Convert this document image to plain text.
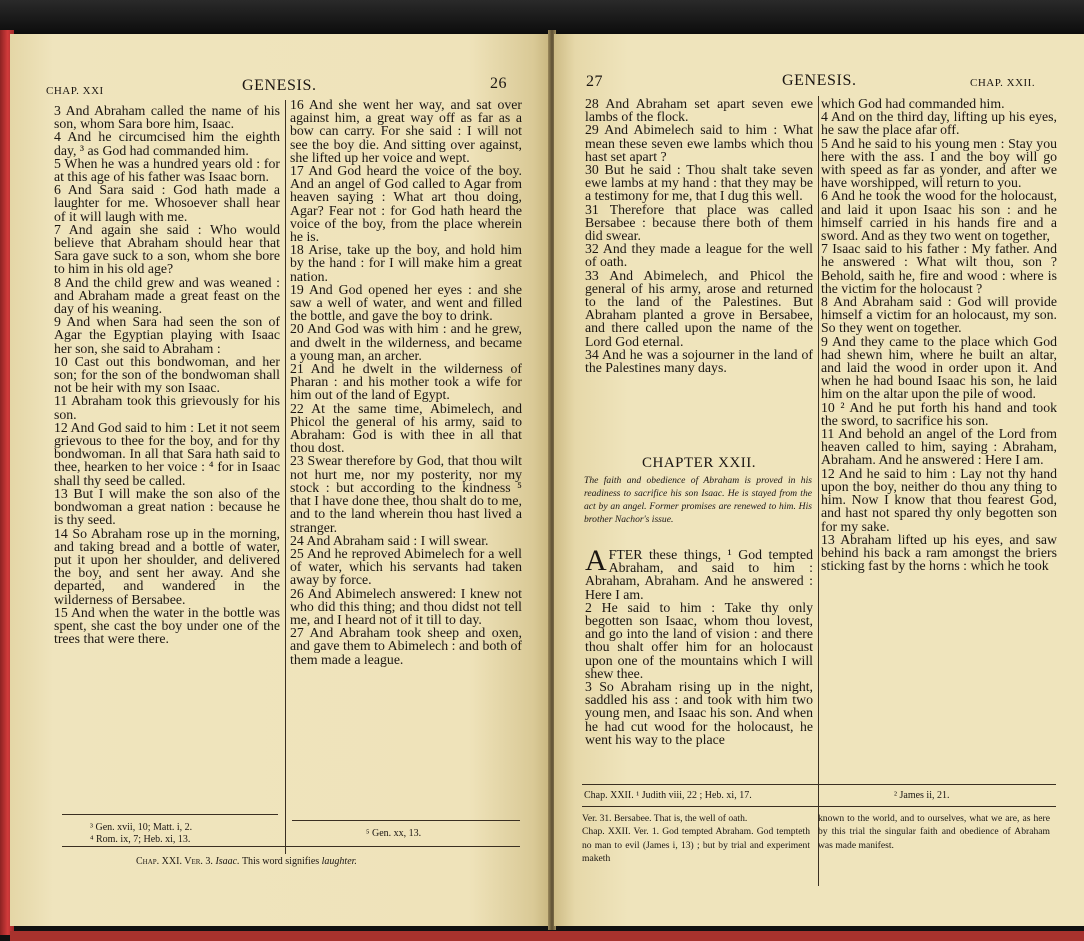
CHAP. XXI	GENESIS.	26

3 And Abraham called the name of his son, whom Sara bore him, Isaac.

4 And he circumcised him the eighth day, ³ as God had commanded him.

5 When he was a hundred years old : for at this age of his father was Isaac born.

6 And Sara said : God hath made a laughter for me. Whosoever shall hear of it will laugh with me.

7 And again she said : Who would believe that Abraham should hear that Sara gave suck to a son, whom she bore to him in his old age?

8 And the child grew and was weaned : and Abraham made a great feast on the day of his weaning.

9 And when Sara had seen the son of Agar the Egyptian playing with Isaac her son, she said to Abraham :

10 Cast out this bondwoman, and her son; for the son of the bondwoman shall not be heir with my son Isaac.

11 Abraham took this grievously for his son.

12 And God said to him : Let it not seem grievous to thee for the boy, and for thy bondwoman. In all that Sara hath said to thee, hearken to her voice : ⁴ for in Isaac shall thy seed be called.

13 But I will make the son also of the bondwoman a great nation : because he is thy seed.

14 So Abraham rose up in the morning, and taking bread and a bottle of water, put it upon her shoulder, and delivered the boy, and sent her away. And she departed, and wandered in the wilderness of Bersabee.

15 And when the water in the bottle was spent, she cast the boy under one of the trees that were there.

16 And she went her way, and sat over against him, a great way off as far as a bow can carry. For she said : I will not see the boy die. And sitting over against, she lifted up her voice and wept.

17 And God heard the voice of the boy. And an angel of God called to Agar from heaven saying : What art thou doing, Agar? Fear not : for God hath heard the voice of the boy, from the place wherein he is.

18 Arise, take up the boy, and hold him by the hand : for I will make him a great nation.

19 And God opened her eyes : and she saw a well of water, and went and filled the bottle, and gave the boy to drink.

20 And God was with him : and he grew, and dwelt in the wilderness, and became a young man, an archer.

21 And he dwelt in the wilderness of Pharan : and his mother took a wife for him out of the land of Egypt.

22 At the same time, Abimelech, and Phicol the general of his army, said to Abraham: God is with thee in all that thou dost.

23 Swear therefore by God, that thou wilt not hurt me, nor my posterity, nor my stock : but according to the kindness ⁵ that I have done thee, thou shalt do to me, and to the land wherein thou hast lived a stranger.

24 And Abraham said : I will swear.

25 And he reproved Abimelech for a well of water, which his servants had taken away by force.

26 And Abimelech answered: I knew not who did this thing; and thou didst not tell me, and I heard not of it till to day.

27 And Abraham took sheep and oxen, and gave them to Abimelech : and both of them made a league.

³ Gen. xvii, 10; Matt. i, 2.
⁴ Rom. ix, 7; Heb. xi, 13.
⁵ Gen. xx, 13.
Chap. XXI. Ver. 3. Isaac. This word signifies laughter.
27	GENESIS.	CHAP. XXII.

28 And Abraham set apart seven ewe lambs of the flock.

29 And Abimelech said to him : What mean these seven ewe lambs which thou hast set apart ?

30 But he said : Thou shalt take seven ewe lambs at my hand : that they may be a testimony for me, that I dug this well.

31 Therefore that place was called Bersabee : because there both of them did swear.

32 And they made a league for the well of oath.

33 And Abimelech, and Phicol the general of his army, arose and returned to the land of the Palestines. But Abraham planted a grove in Bersabee, and there called upon the name of the Lord God eternal.

34 And he was a sojourner in the land of the Palestines many days.

CHAPTER XXII.
The faith and obedience of Abraham is proved in his readiness to sacrifice his son Isaac. He is stayed from the act by an angel. Former promises are renewed to him. His brother Nachor's issue.

AFTER these things, ¹ God tempted Abraham, and said to him : Abraham, Abraham. And he answered : Here I am.

2 He said to him : Take thy only begotten son Isaac, whom thou lovest, and go into the land of vision : and there thou shalt offer him for an holocaust upon one of the mountains which I will shew thee.

3 So Abraham rising up in the night, saddled his ass : and took with him two young men, and Isaac his son. And when he had cut wood for the holocaust, he went his way to the place

which God had commanded him.

4 And on the third day, lifting up his eyes, he saw the place afar off.

5 And he said to his young men : Stay you here with the ass. I and the boy will go with speed as far as yonder, and after we have worshipped, will return to you.

6 And he took the wood for the holocaust, and laid it upon Isaac his son : and he himself carried in his hands fire and a sword. And as they two went on together,

7 Isaac said to his father : My father. And he answered : What wilt thou, son ? Behold, saith he, fire and wood : where is the victim for the holocaust ?

8 And Abraham said : God will provide himself a victim for an holocaust, my son. So they went on together.

9 And they came to the place which God had shewn him, where he built an altar, and laid the wood in order upon it. And when he had bound Isaac his son, he laid him on the altar upon the pile of wood.

10 ² And he put forth his hand and took the sword, to sacrifice his son.

11 And behold an angel of the Lord from heaven called to him, saying : Abraham, Abraham. And he answered : Here I am.

12 And he said to him : Lay not thy hand upon the boy, neither do thou any thing to him. Now I know that thou fearest God, and hast not spared thy only begotten son for my sake.

13 Abraham lifted up his eyes, and saw behind his back a ram amongst the briers sticking fast by the horns : which he took

Chap. XXII. ¹ Judith viii, 22 ; Heb. xi, 17.	² James ii, 21.
Ver. 31. Bersabee. That is, the well of oath.
Chap. XXII. Ver. 1. God tempted Abraham. God tempteth no man to evil (James i, 13) ; but by trial and experiment maketh
known to the world, and to ourselves, what we are, as here by this trial the singular faith and obedience of Abraham was made manifest.
